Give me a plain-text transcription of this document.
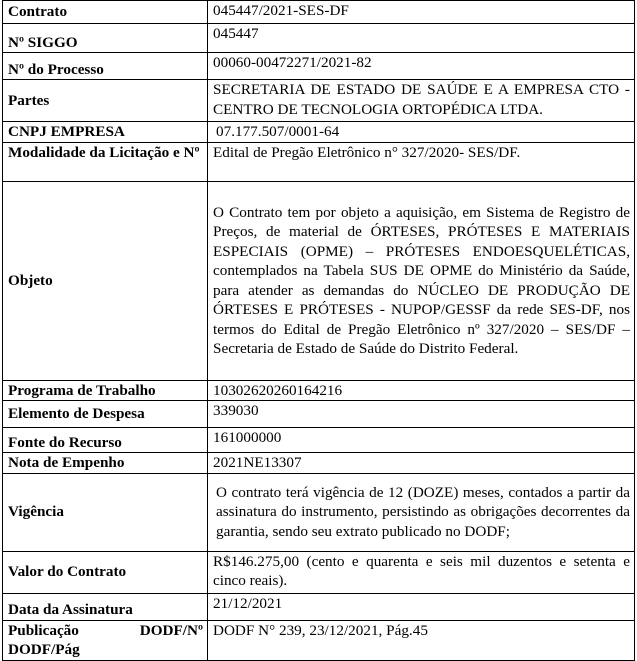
Contrato	045447/2021-SES-DF
Nº SIGGO	045447
Nº do Processo	00060-00472271/2021-82
Partes	SECRETARIA DE ESTADO DE SAÚDE E A EMPRESA CTO - CENTRO DE TECNOLOGIA ORTOPÉDICA LTDA.
CNPJ EMPRESA	07.177.507/0001-64
Modalidade da Licitação e Nº	Edital de Pregão Eletrônico n° 327/2020- SES/DF.
Objeto	O Contrato tem por objeto a aquisição, em Sistema de Registro de Preços, de material de ÓRTESES, PRÓTESES E MATERIAIS ESPECIAIS (OPME) – PRÓTESES ENDOESQUELÉTICAS, contemplados na Tabela SUS DE OPME do Ministério da Saúde, para atender as demandas do NÚCLEO DE PRODUÇÃO DE ÓRTESES E PRÓTESES - NUPOP/GESSF da rede SES-DF, nos termos do Edital de Pregão Eletrônico nº 327/2020 – SES/DF – Secretaria de Estado de Saúde do Distrito Federal.
Programa de Trabalho	10302620260164216
Elemento de Despesa	339030
Fonte do Recurso	161000000
Nota de Empenho	2021NE13307
Vigência	O contrato terá vigência de 12 (DOZE) meses, contados a partir da assinatura do instrumento, persistindo as obrigações decorrentes da garantia, sendo seu extrato publicado no DODF;
Valor do Contrato	R$146.275,00 (cento e quarenta e seis mil duzentos e setenta e cinco reais).
Data da Assinatura	21/12/2021

Publicação DODF/Nº
DODF/Pág	DODF N° 239, 23/12/2021, Pág.45
